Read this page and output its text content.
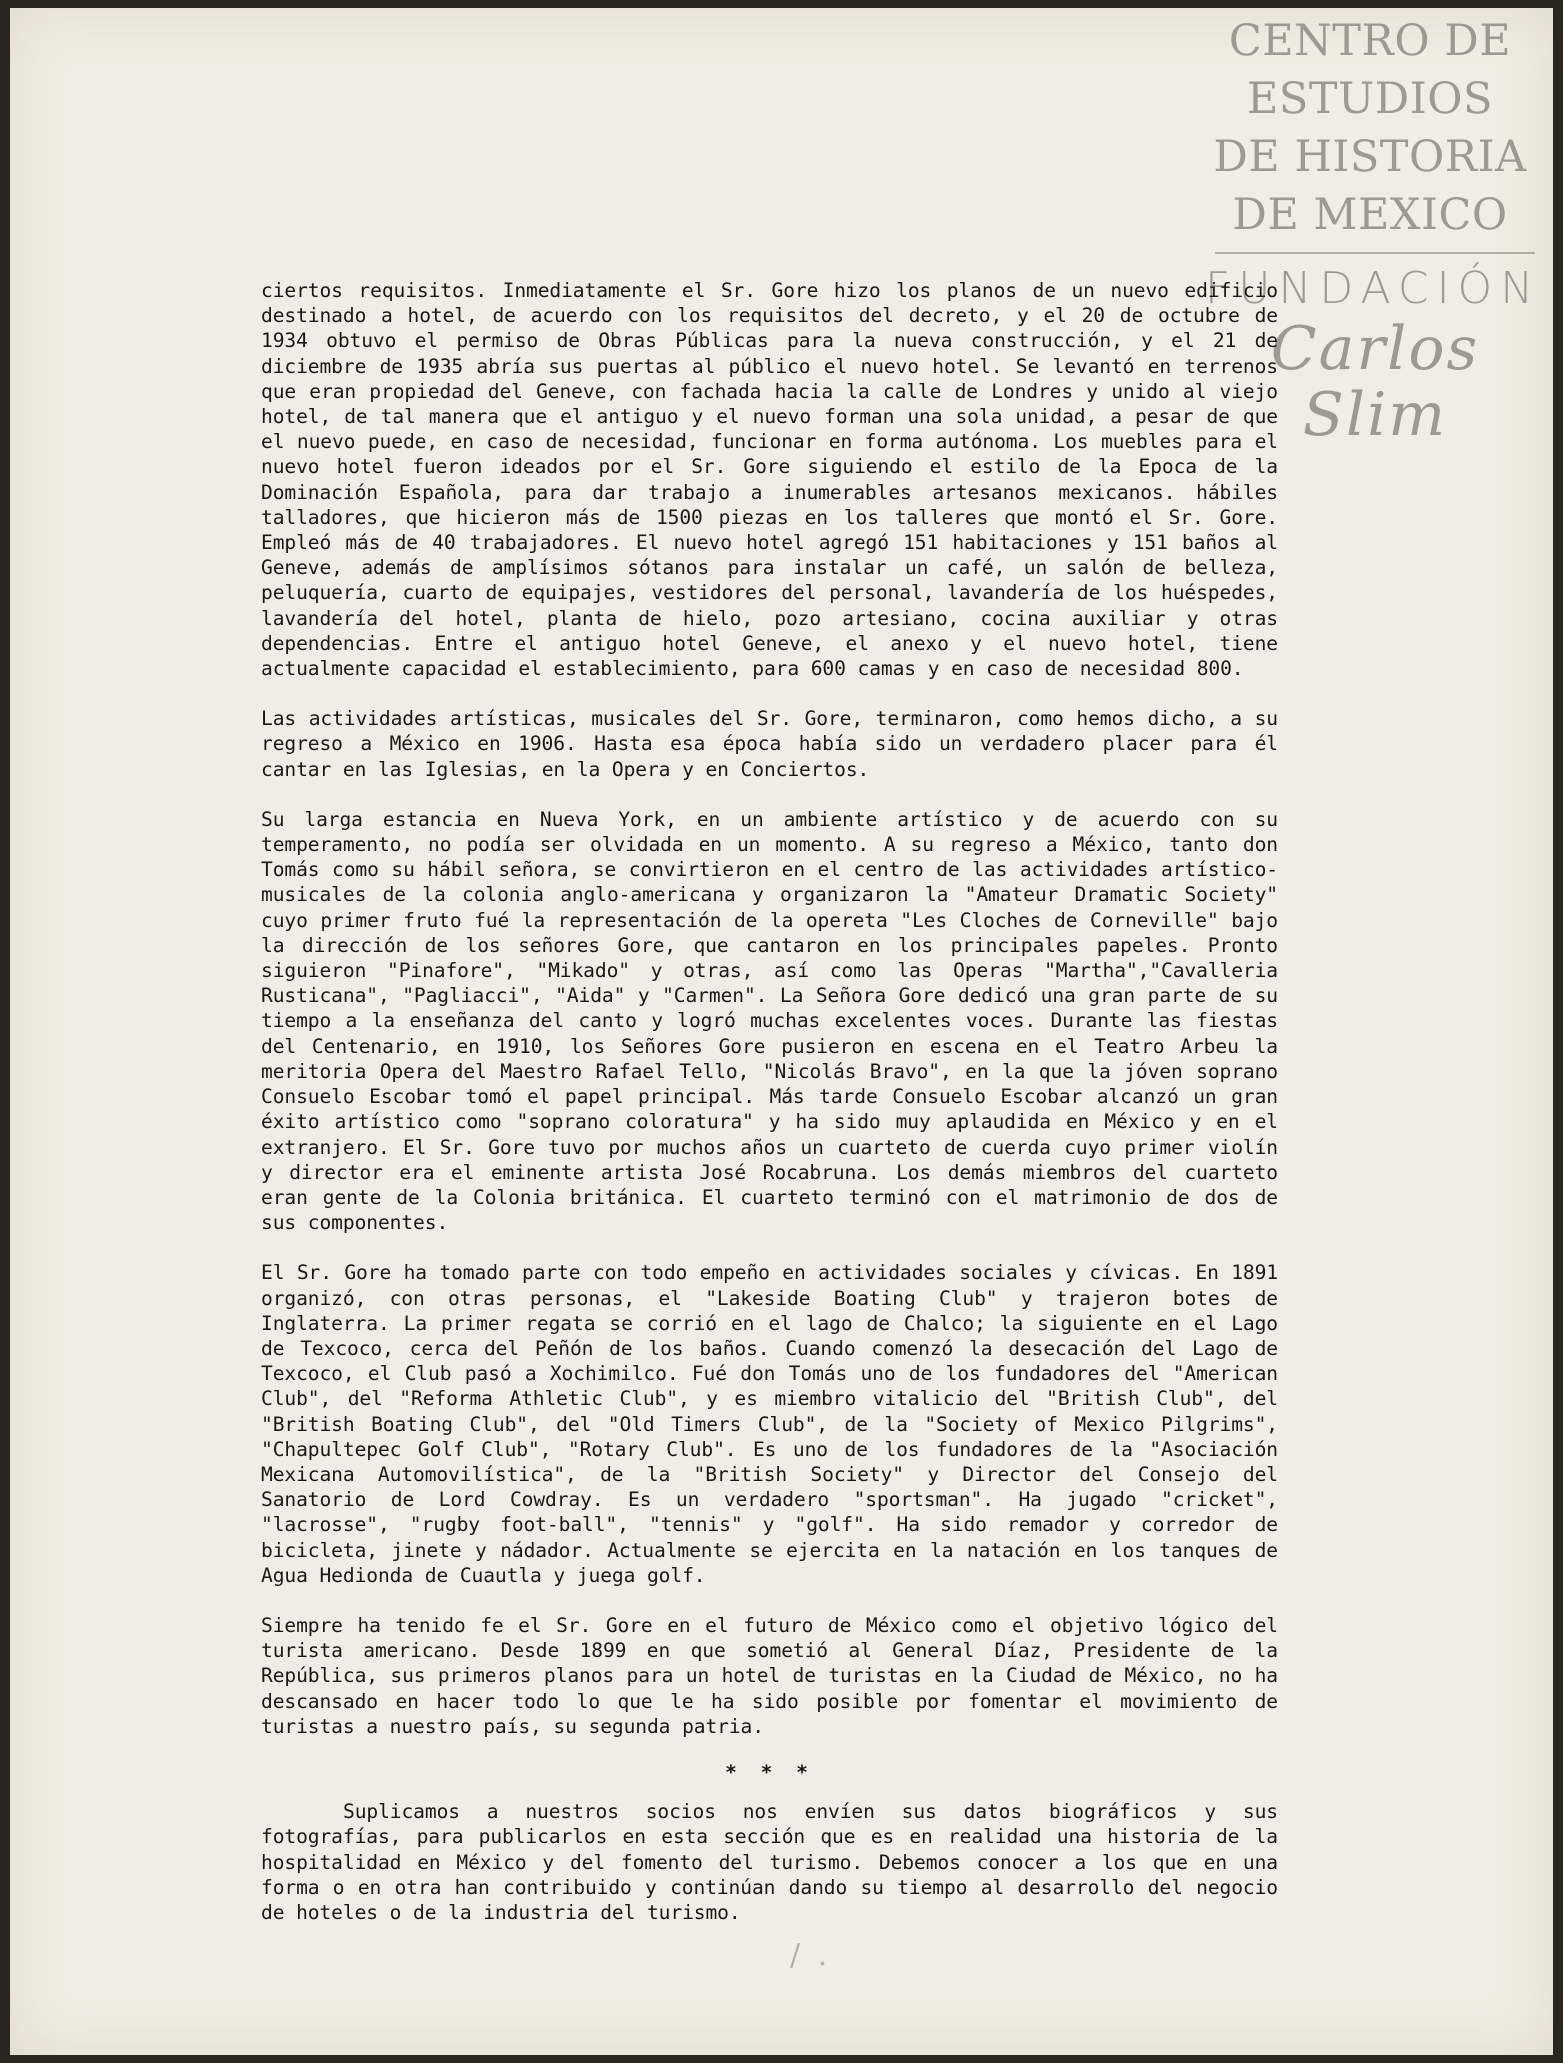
CENTRO DE
ESTUDIOS
DE HISTORIA
DE MEXICO
FUNDACIÓN
Carlos Slim

ciertos requisitos. Inmediatamente el Sr. Gore hizo los planos de un nuevo edificio destinado a hotel, de acuerdo con los requisitos del decreto, y el 20 de octubre de 1934 obtuvo el permiso de Obras Públicas para la nueva construcción, y el 21 de diciembre de 1935 abría sus puertas al público el nuevo hotel. Se levantó en terrenos que eran propiedad del Geneve, con fachada hacia la calle de Londres y unido al viejo hotel, de tal manera que el antiguo y el nuevo forman una sola unidad, a pesar de que el nuevo puede, en caso de necesidad, funcionar en forma autónoma. Los muebles para el nuevo hotel fueron ideados por el Sr. Gore siguiendo el estilo de la Epoca de la Dominación Española, para dar trabajo a inumerables artesanos mexicanos. hábiles talladores, que hicieron más de 1500 piezas en los talleres que montó el Sr. Gore. Empleó más de 40 trabajadores. El nuevo hotel agregó 151 habitaciones y 151 baños al Geneve, además de amplísimos sótanos para instalar un café, un salón de belleza, peluquería, cuarto de equipajes, vestidores del personal, lavandería de los huéspedes, lavandería del hotel, planta de hielo, pozo artesiano, cocina auxiliar y otras dependencias. Entre el antiguo hotel Geneve, el anexo y el nuevo hotel, tiene actualmente capacidad el establecimiento, para 600 camas y en caso de necesidad 800.

Las actividades artísticas, musicales del Sr. Gore, terminaron, como hemos dicho, a su regreso a México en 1906. Hasta esa época había sido un verdadero placer para él cantar en las Iglesias, en la Opera y en Conciertos.

Su larga estancia en Nueva York, en un ambiente artístico y de acuerdo con su temperamento, no podía ser olvidada en un momento. A su regreso a México, tanto don Tomás como su hábil señora, se convirtieron en el centro de las actividades artístico-musicales de la colonia anglo-americana y organizaron la "Amateur Dramatic Society" cuyo primer fruto fué la representación de la opereta "Les Cloches de Corneville" bajo la dirección de los señores Gore, que cantaron en los principales papeles. Pronto siguieron "Pinafore", "Mikado" y otras, así como las Operas "Martha","Cavalleria Rusticana", "Pagliacci", "Aida" y "Carmen". La Señora Gore dedicó una gran parte de su tiempo a la enseñanza del canto y logró muchas excelentes voces. Durante las fiestas del Centenario, en 1910, los Señores Gore pusieron en escena en el Teatro Arbeu la meritoria Opera del Maestro Rafael Tello, "Nicolás Bravo", en la que la jóven soprano Consuelo Escobar tomó el papel principal. Más tarde Consuelo Escobar alcanzó un gran éxito artístico como "soprano coloratura" y ha sido muy aplaudida en México y en el extranjero. El Sr. Gore tuvo por muchos años un cuarteto de cuerda cuyo primer violín y director era el eminente artista José Rocabruna. Los demás miembros del cuarteto eran gente de la Colonia británica. El cuarteto terminó con el matrimonio de dos de sus componentes.

El Sr. Gore ha tomado parte con todo empeño en actividades sociales y cívicas. En 1891 organizó, con otras personas, el "Lakeside Boating Club" y trajeron botes de Inglaterra. La primer regata se corrió en el lago de Chalco; la siguiente en el Lago de Texcoco, cerca del Peñón de los baños. Cuando comenzó la desecación del Lago de Texcoco, el Club pasó a Xochimilco. Fué don Tomás uno de los fundadores del "American Club", del "Reforma Athletic Club", y es miembro vitalicio del "British Club", del "British Boating Club", del "Old Timers Club", de la "Society of Mexico Pilgrims", "Chapultepec Golf Club", "Rotary Club". Es uno de los fundadores de la "Asociación Mexicana Automovilística", de la "British Society" y Director del Consejo del Sanatorio de Lord Cowdray. Es un verdadero "sportsman". Ha jugado "cricket", "lacrosse", "rugby foot-ball", "tennis" y "golf". Ha sido remador y corredor de bicicleta, jinete y nádador. Actualmente se ejercita en la natación en los tanques de Agua Hedionda de Cuautla y juega golf.

Siempre ha tenido fe el Sr. Gore en el futuro de México como el objetivo lógico del turista americano. Desde 1899 en que sometió al General Díaz, Presidente de la República, sus primeros planos para un hotel de turistas en la Ciudad de México, no ha descansado en hacer todo lo que le ha sido posible por fomentar el movimiento de turistas a nuestro país, su segunda patria.

* * *

Suplicamos a nuestros socios nos envíen sus datos biográficos y sus fotografías, para publicarlos en esta sección que es en realidad una historia de la hospitalidad en México y del fomento del turismo. Debemos conocer a los que en una forma o en otra han contribuido y continúan dando su tiempo al desarrollo del negocio de hoteles o de la industria del turismo.

/ .
